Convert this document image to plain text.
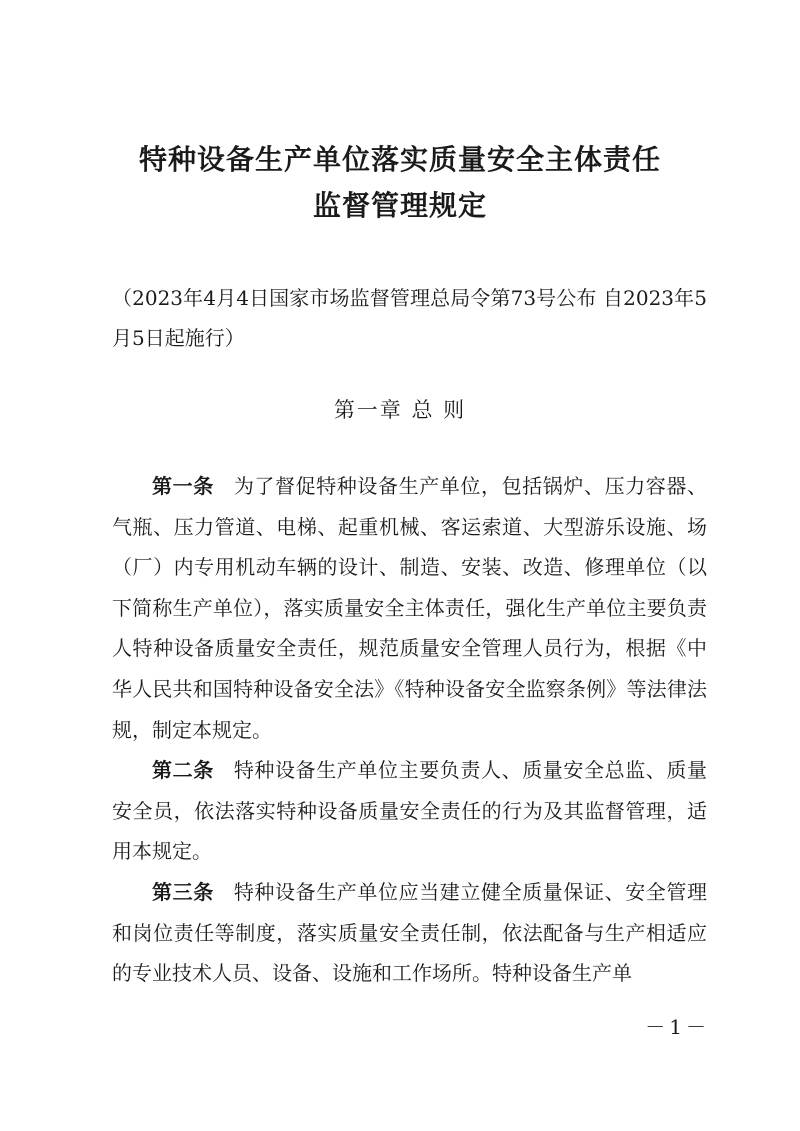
特种设备生产单位落实质量安全主体责任
监督管理规定
（2023年4月4日国家市场监督管理总局令第73号公布 自2023年5月5日起施行）
第一章 总 则

第一条 为了督促特种设备生产单位，包括锅炉、压力容器、气瓶、压力管道、电梯、起重机械、客运索道、大型游乐设施、场（厂）内专用机动车辆的设计、制造、安装、改造、修理单位（以下简称生产单位），落实质量安全主体责任，强化生产单位主要负责人特种设备质量安全责任，规范质量安全管理人员行为，根据《中华人民共和国特种设备安全法》《特种设备安全监察条例》等法律法规，制定本规定。

第二条 特种设备生产单位主要负责人、质量安全总监、质量安全员，依法落实特种设备质量安全责任的行为及其监督管理，适用本规定。

第三条 特种设备生产单位应当建立健全质量保证、安全管理和岗位责任等制度，落实质量安全责任制，依法配备与生产相适应的专业技术人员、设备、设施和工作场所。特种设备生产单

－1－
